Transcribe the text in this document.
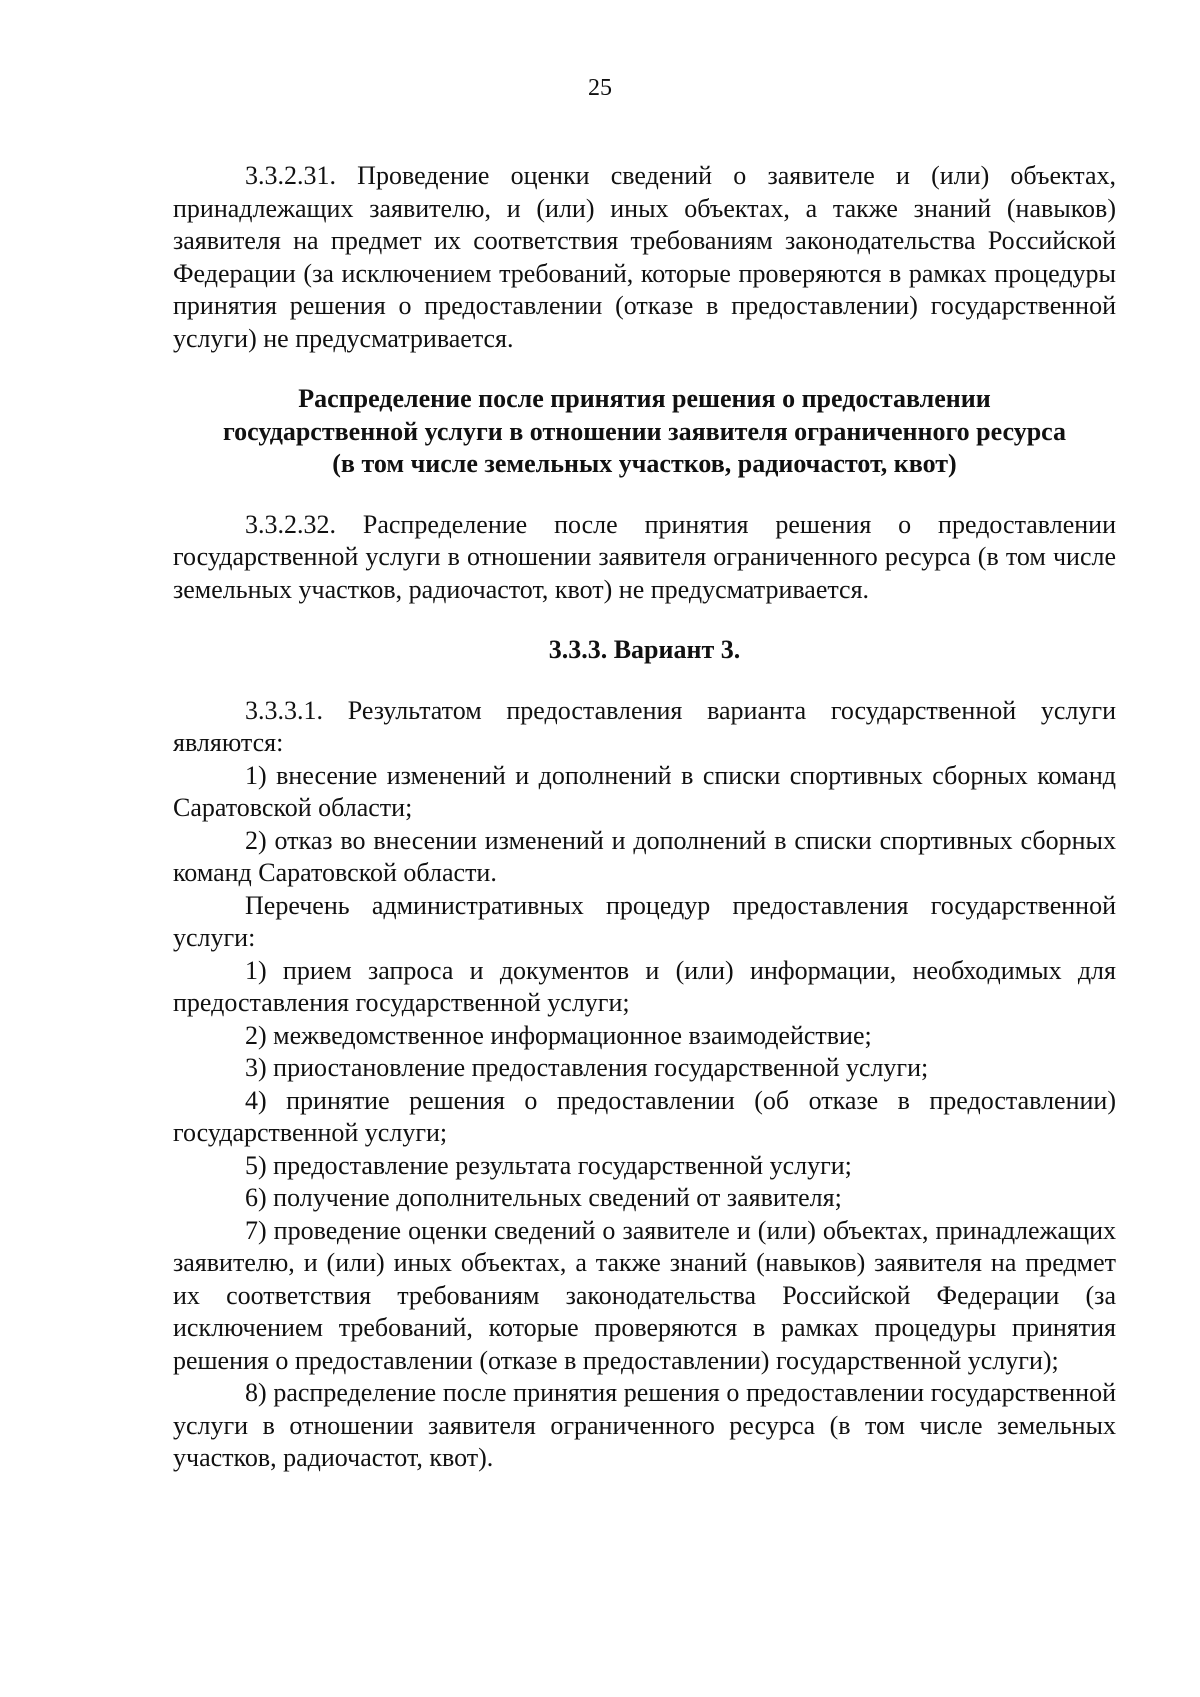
25

3.3.2.31. Проведение оценки сведений о заявителе и (или) объектах, принадлежащих заявителю, и (или) иных объектах, а также знаний (навыков) заявителя на предмет их соответствия требованиям законодательства Российской Федерации (за исключением требований, которые проверяются в рамках процедуры принятия решения о предоставлении (отказе в предоставлении) государственной услуги) не предусматривается.

Распределение после принятия решения о предоставлении

государственной услуги в отношении заявителя ограниченного ресурса

(в том числе земельных участков, радиочастот, квот)

3.3.2.32. Распределение после принятия решения о предоставлении государственной услуги в отношении заявителя ограниченного ресурса (в том числе земельных участков, радиочастот, квот) не предусматривается.

3.3.3. Вариант 3.

3.3.3.1. Результатом предоставления варианта государственной услуги являются:

1) внесение изменений и дополнений в списки спортивных сборных команд Саратовской области;

2) отказ во внесении изменений и дополнений в списки спортивных сборных команд Саратовской области.

Перечень административных процедур предоставления государственной услуги:

1) прием запроса и документов и (или) информации, необходимых для предоставления государственной услуги;

2) межведомственное информационное взаимодействие;

3) приостановление предоставления государственной услуги;

4) принятие решения о предоставлении (об отказе в предоставлении) государственной услуги;

5) предоставление результата государственной услуги;

6) получение дополнительных сведений от заявителя;

7) проведение оценки сведений о заявителе и (или) объектах, принадлежащих заявителю, и (или) иных объектах, а также знаний (навыков) заявителя на предмет их соответствия требованиям законодательства Российской Федерации (за исключением требований, которые проверяются в рамках процедуры принятия решения о предоставлении (отказе в предоставлении) государственной услуги);

8) распределение после принятия решения о предоставлении государственной услуги в отношении заявителя ограниченного ресурса (в том числе земельных участков, радиочастот, квот).
